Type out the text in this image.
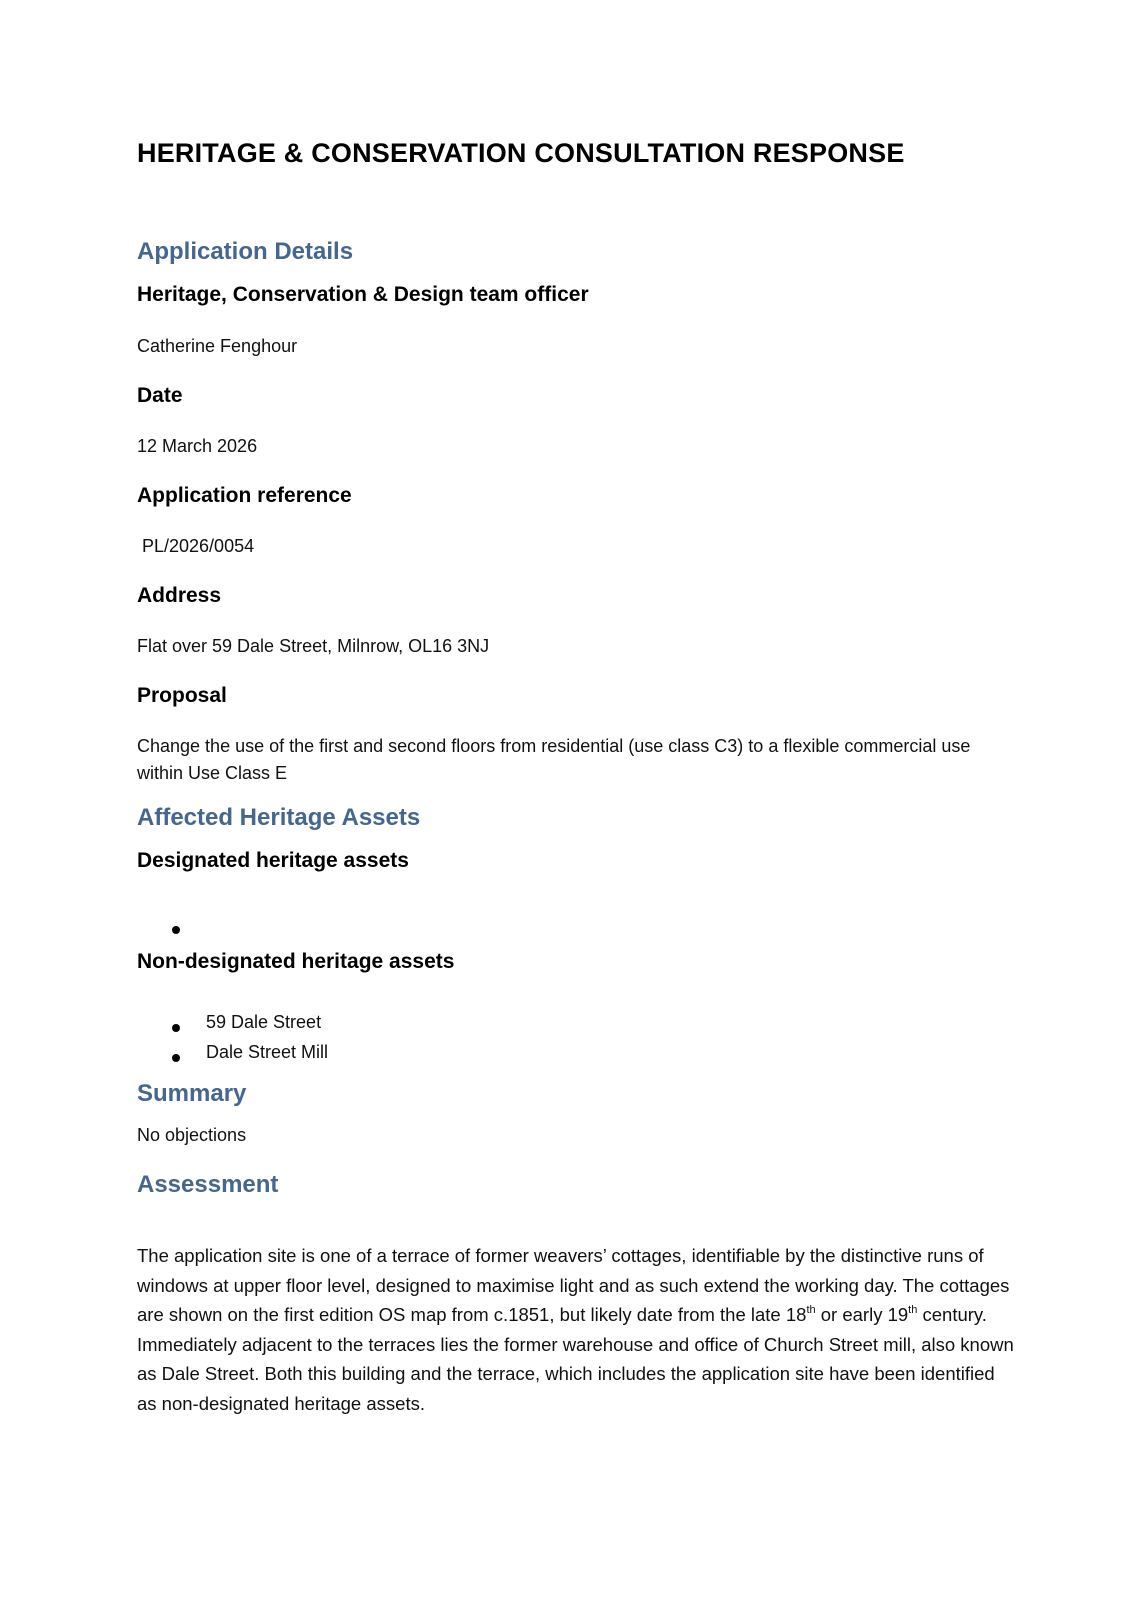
HERITAGE & CONSERVATION CONSULTATION RESPONSE
Application Details
Heritage, Conservation & Design team officer

Catherine Fenghour

Date

12 March 2026

Application reference

PL/2026/0054

Address

Flat over 59 Dale Street, Milnrow, OL16 3NJ

Proposal

Change the use of the first and second floors from residential (use class C3) to a flexible commercial use within Use Class E

Affected Heritage Assets
Designated heritage assets

Non-designated heritage assets

59 Dale Street

Dale Street Mill

Summary

No objections

Assessment

The application site is one of a terrace of former weavers’ cottages, identifiable by the distinctive runs of windows at upper floor level, designed to maximise light and as such extend the working day. The cottages are shown on the first edition OS map from c.1851, but likely date from the late 18th or early 19th century. Immediately adjacent to the terraces lies the former warehouse and office of Church Street mill, also known as Dale Street. Both this building and the terrace, which includes the application site have been identified as non-designated heritage assets.
